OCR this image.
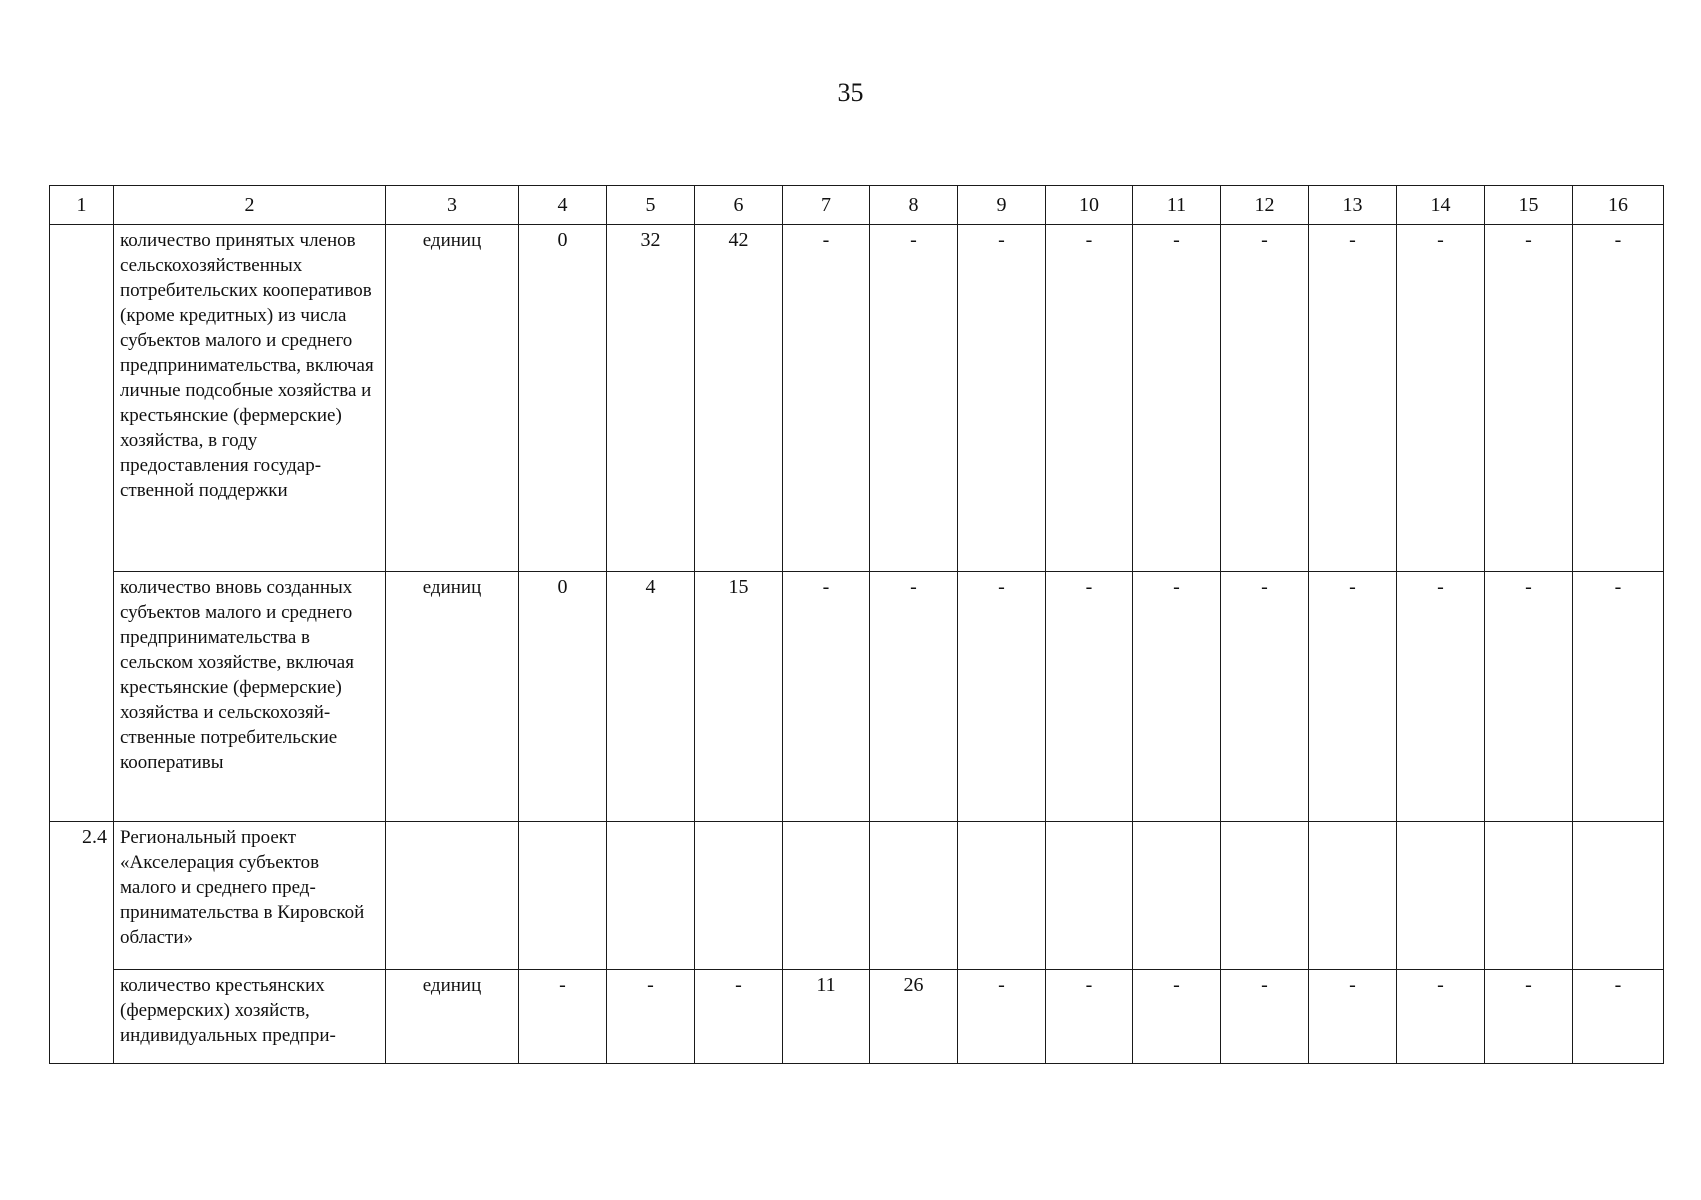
35
1	2	3	4	5	6	7	8	9	10	11	12	13	14	15	16
	количество принятых членов сельскохозяйственных потребительских кооперативов (кроме кредитных) из числа субъектов малого и среднего предпринимательства, включая личные подсобные хозяйства и крестьянские (фермерские) хозяйства, в году предоставления государственной поддержки	единиц	0	32	42	-	-	-	-	-	-	-	-	-	-
	количество вновь созданных субъектов малого и среднего предпринимательства в сельском хозяйстве, включая крестьянские (фермерские) хозяйства и сельскохозяйственные потребительские кооперативы	единиц	0	4	15	-	-	-	-	-	-	-	-	-	-
2.4	Региональный проект «Акселерация субъектов малого и среднего предпринимательства в Кировской области»														
	количество крестьянских (фермерских) хозяйств, индивидуальных предпри-	единиц	-	-	-	11	26	-	-	-	-	-	-	-	-
